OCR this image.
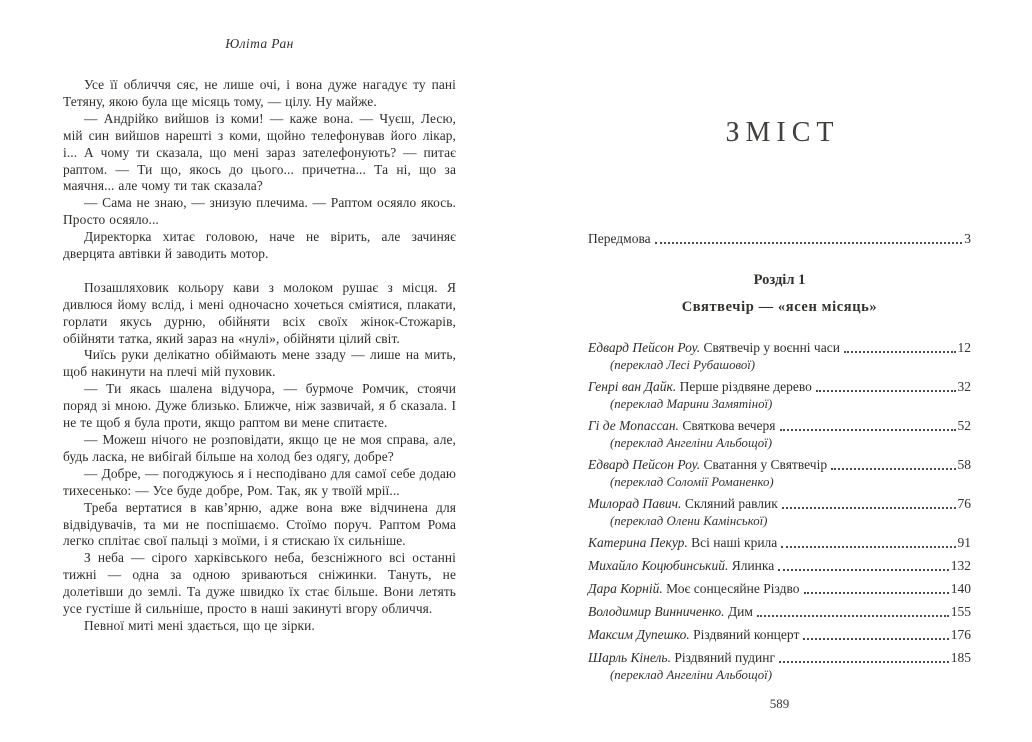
Юліта Ран

Усе її обличчя сяє, не лише очі, і вона дуже нагадує ту пані Тетяну, якою була ще місяць тому, — цілу. Ну майже.

— Андрійко вийшов із коми! — каже вона. — Чуєш, Лесю, мій син вийшов нарешті з коми, щойно телефонував його лікар, і... А чому ти сказала, що мені зараз зателефонують? — питає раптом. — Ти що, якось до цього... причетна... Та ні, що за маячня... але чому ти так сказала?

— Сама не знаю, — знизую плечима. — Раптом осяяло якось. Просто осяяло...

Директорка хитає головою, наче не вірить, але зачиняє дверцята автівки й заводить мотор.

Позашляховик кольору кави з молоком рушає з місця. Я дивлюся йому вслід, і мені одночасно хочеться сміятися, плакати, горлати якусь дурню, обійняти всіх своїх жінок-Стожарів, обійняти татка, який зараз на «нулі», обійняти цілий світ.

Чиїсь руки делікатно обіймають мене ззаду — лише на мить, щоб накинути на плечі мій пуховик.

— Ти якась шалена відучора, — бурмоче Ромчик, стоячи поряд зі мною. Дуже близько. Ближче, ніж зазвичай, я б сказала. І не те щоб я була проти, якщо раптом ви мене спитаєте.

— Можеш нічого не розповідати, якщо це не моя справа, але, будь ласка, не вибігай більше на холод без одягу, добре?

— Добре, — погоджуюсь я і несподівано для самої себе додаю тихесенько: — Усе буде добре, Ром. Так, як у твоїй мрії...

Треба вертатися в кав’ярню, адже вона вже відчинена для відвідувачів, та ми не поспішаємо. Стоїмо поруч. Раптом Рома легко сплітає свої пальці з моїми, і я стискаю їх сильніше.

З неба — сірого харківського неба, безсніжного всі останні тижні — одна за одною зриваються сніжинки. Тануть, не долетівши до землі. Та дуже швидко їх стає більше. Вони летять усе густіше й сильніше, просто в наші закинуті вгору обличчя.

Певної миті мені здається, що це зірки.

ЗМІСТ
Передмова	3
Розділ 1
Святвечір — «ясен місяць»
Едвард Пейсон Роу. Святвечір у воєнні часи	12
(переклад Лесі Рубашової)
Генрі ван Дайк. Перше різдвяне дерево	32
(переклад Марини Замятіної)
Гі де Мопассан. Святкова вечеря	52
(переклад Ангеліни Альбощої)
Едвард Пейсон Роу. Сватання у Святвечір	58
(переклад Соломії Романенко)
Милорад Павич. Скляний равлик	76
(переклад Олени Камінської)
Катерина Пекур. Всі наші крила	91
Михайло Коцюбинський. Ялинка	132
Дара Корній. Моє сонцесяйне Різдво	140
Володимир Винниченко. Дим	155
Максим Дупешко. Різдвяний концерт	176
Шарль Кінель. Різдвяний пудинг	185
(переклад Ангеліни Альбощої)
589
